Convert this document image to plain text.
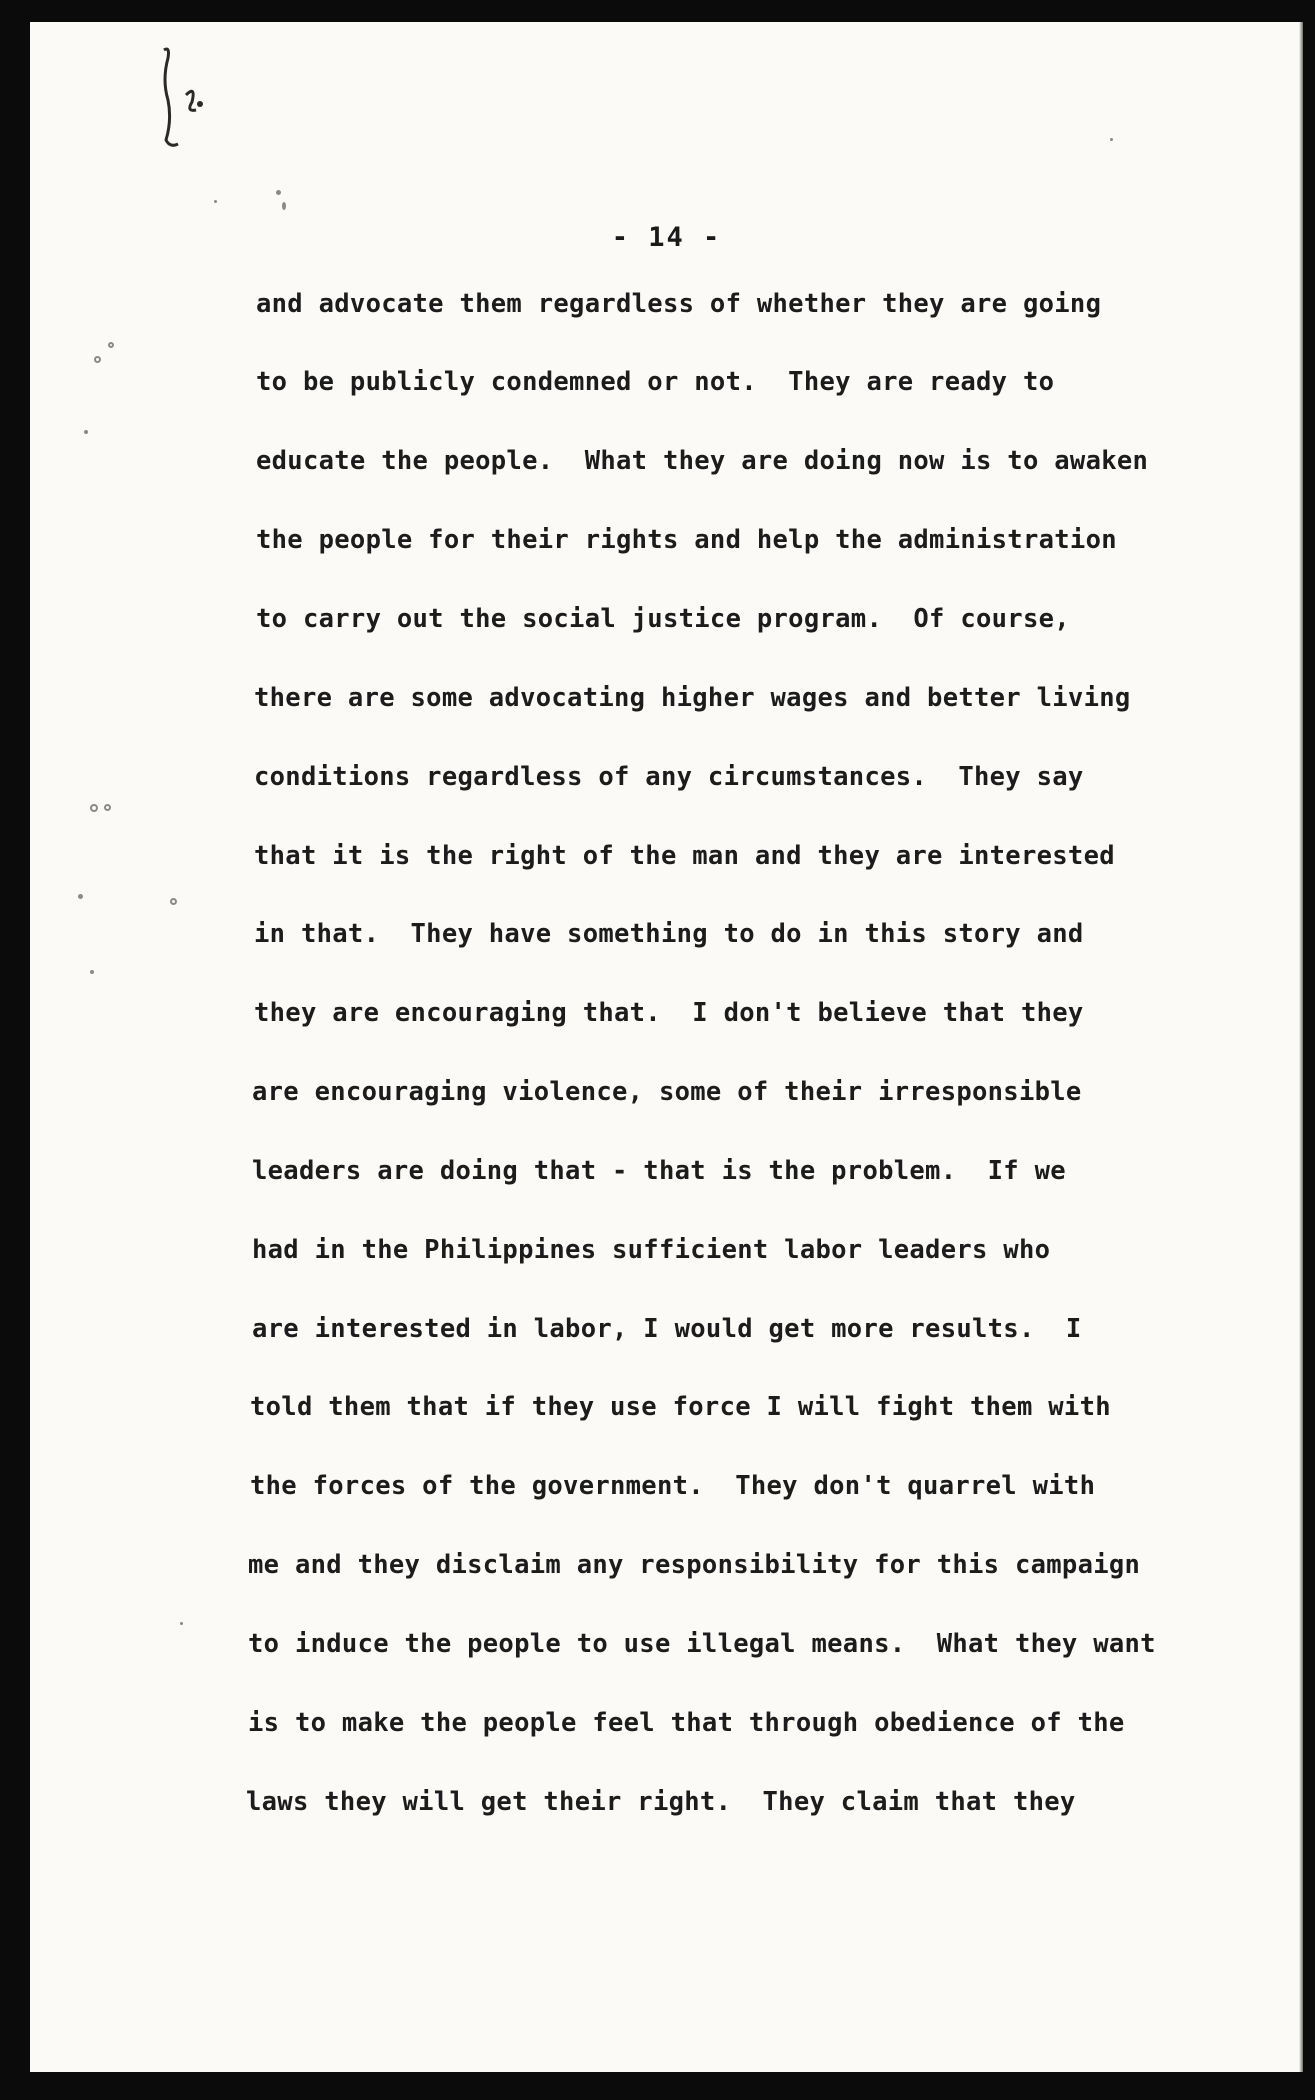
- 14 -
and advocate them regardless of whether they are going
to be publicly condemned or not.  They are ready to
educate the people.  What they are doing now is to awaken
the people for their rights and help the administration
to carry out the social justice program.  Of course,
there are some advocating higher wages and better living
conditions regardless of any circumstances.  They say
that it is the right of the man and they are interested
in that.  They have something to do in this story and
they are encouraging that.  I don't believe that they
are encouraging violence, some of their irresponsible
leaders are doing that - that is the problem.  If we
had in the Philippines sufficient labor leaders who
are interested in labor, I would get more results.  I
told them that if they use force I will fight them with
the forces of the government.  They don't quarrel with
me and they disclaim any responsibility for this campaign
to induce the people to use illegal means.  What they want
is to make the people feel that through obedience of the
laws they will get their right.  They claim that they
